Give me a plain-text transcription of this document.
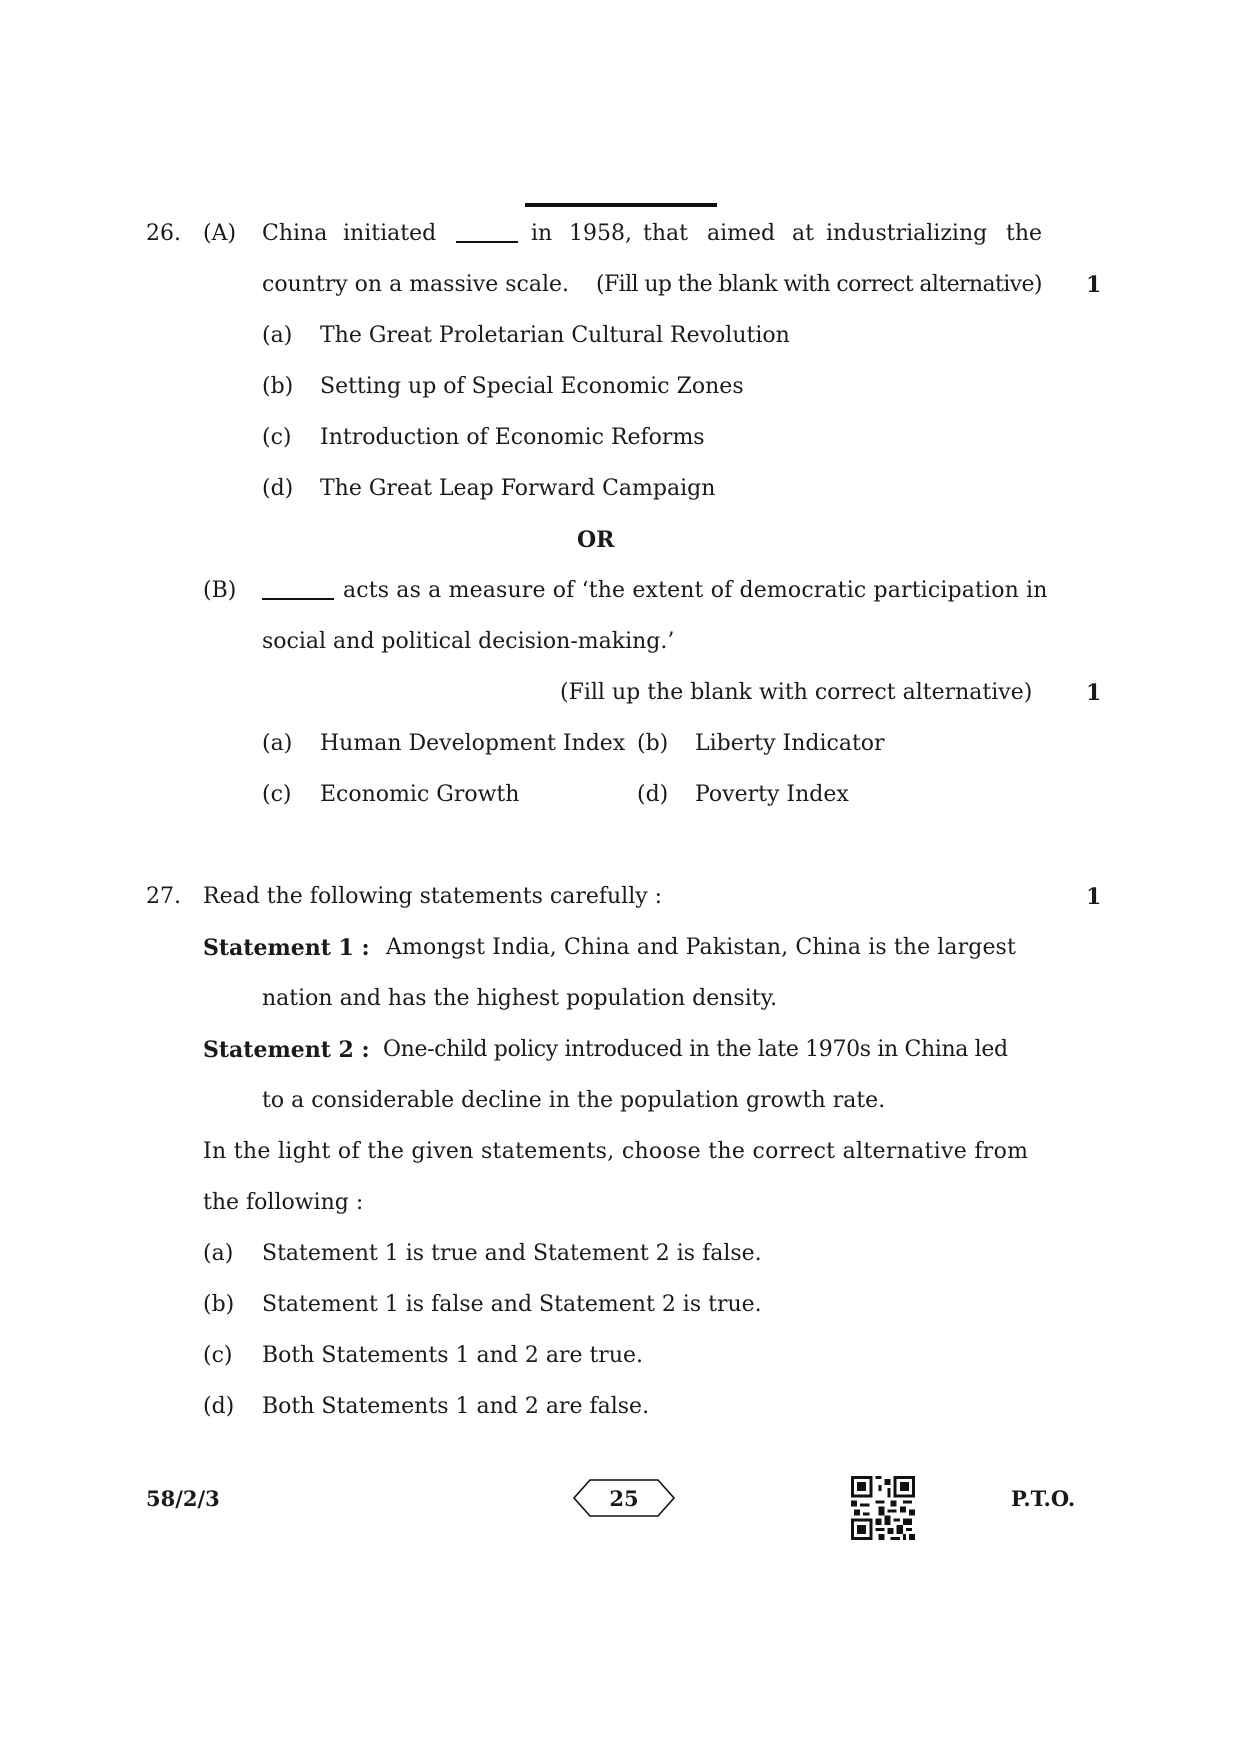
26. (A) China initiated	in 1958, that aimed at industrializing the
country on a massive scale. (Fill up the blank with correct alternative) 1
(a) The Great Proletarian Cultural Revolution
(b) Setting up of Special Economic Zones
(c) Introduction of Economic Reforms
(d) The Great Leap Forward Campaign
OR
(B)	acts as a measure of ‘the extent of democratic participation in
social and political decision-making.’
(Fill up the blank with correct alternative) 1
(a) Human Development Index (b) Liberty Indicator
(c) Economic Growth	(d) Poverty Index
27. Read the following statements carefully :	1
Statement 1 : Amongst India, China and Pakistan, China is the largest
nation and has the highest population density.
Statement 2 : One-child policy introduced in the late 1970s in China led
to a considerable decline in the population growth rate.
In the light of the given statements, choose the correct alternative from
the following :
(a) Statement 1 is true and Statement 2 is false.
(b) Statement 1 is false and Statement 2 is true.
(c) Both Statements 1 and 2 are true.
(d) Both Statements 1 and 2 are false.
58/2/3	25	P.T.O.
